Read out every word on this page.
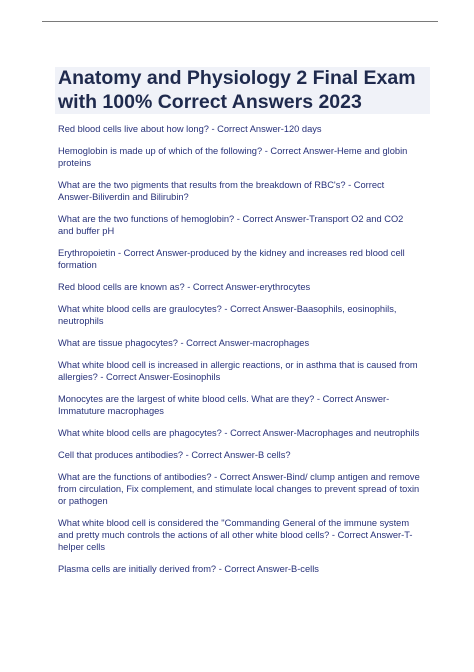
Anatomy and Physiology 2 Final Exam
with 100% Correct Answers 2023
Red blood cells live about how long? - Correct Answer-120 days
Hemoglobin is made up of which of the following? - Correct Answer-Heme and globin
proteins
What are the two pigments that results from the breakdown of RBC's? - Correct
Answer-Biliverdin and Bilirubin?
What are the two functions of hemoglobin? - Correct Answer-Transport O2 and CO2
and buffer pH
Erythropoietin - Correct Answer-produced by the kidney and increases red blood cell
formation
Red blood cells are known as? - Correct Answer-erythrocytes
What white blood cells are graulocytes? - Correct Answer-Baasophils, eosinophils,
neutrophils
What are tissue phagocytes? - Correct Answer-macrophages
What white blood cell is increased in allergic reactions, or in asthma that is caused from
allergies? - Correct Answer-Eosinophils
Monocytes are the largest of white blood cells. What are they? - Correct Answer-
Immatuture macrophages
What white blood cells are phagocytes? - Correct Answer-Macrophages and neutrophils
Cell that produces antibodies? - Correct Answer-B cells?
What are the functions of antibodies? - Correct Answer-Bind/ clump antigen and remove
from circulation, Fix complement, and stimulate local changes to prevent spread of toxin
or pathogen
What white blood cell is considered the "Commanding General of the immune system
and pretty much controls the actions of all other white blood cells? - Correct Answer-T-
helper cells
Plasma cells are initially derived from? - Correct Answer-B-cells
